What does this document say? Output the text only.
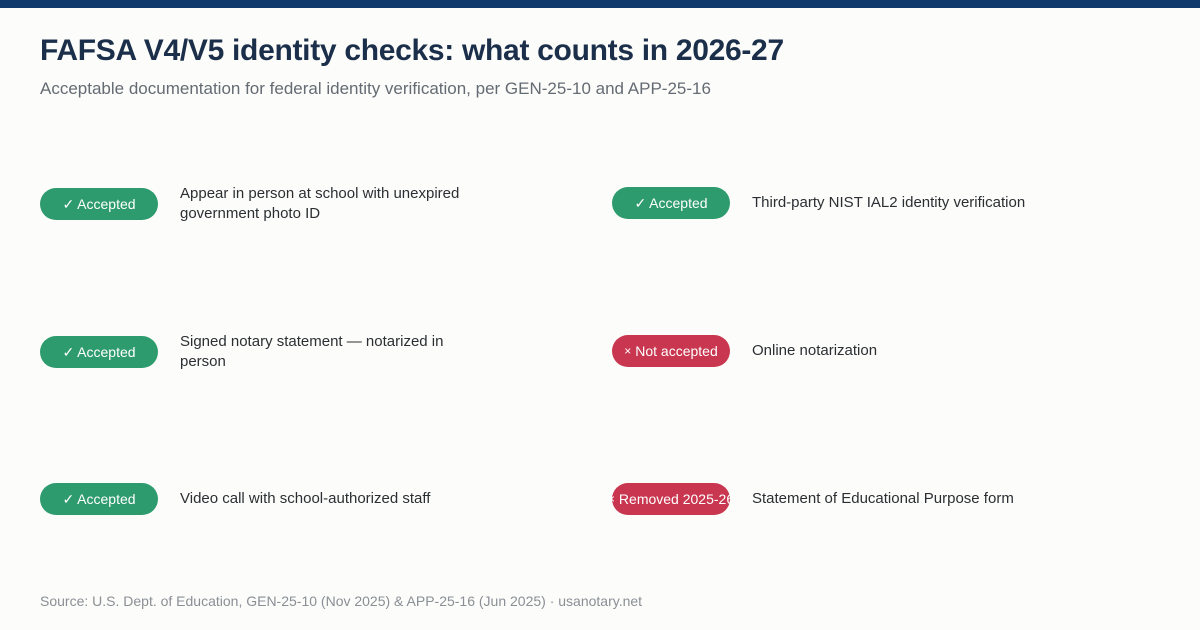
FAFSA V4/V5 identity checks: what counts in 2026-27

Acceptable documentation for federal identity verification, per GEN-25-10 and APP-25-16

✓ Accepted
Appear in person at school with unexpired government photo ID
✓ Accepted
Signed notary statement — notarized in person
✓ Accepted	Video call with school-authorized staff
✓ Accepted	Third-party NIST IAL2 identity verification
× Not accepted Online notarization
× Removed 2025-26 Statement of Educational Purpose form

Source: U.S. Dept. of Education, GEN-25-10 (Nov 2025) & APP-25-16 (Jun 2025) · usanotary.net
